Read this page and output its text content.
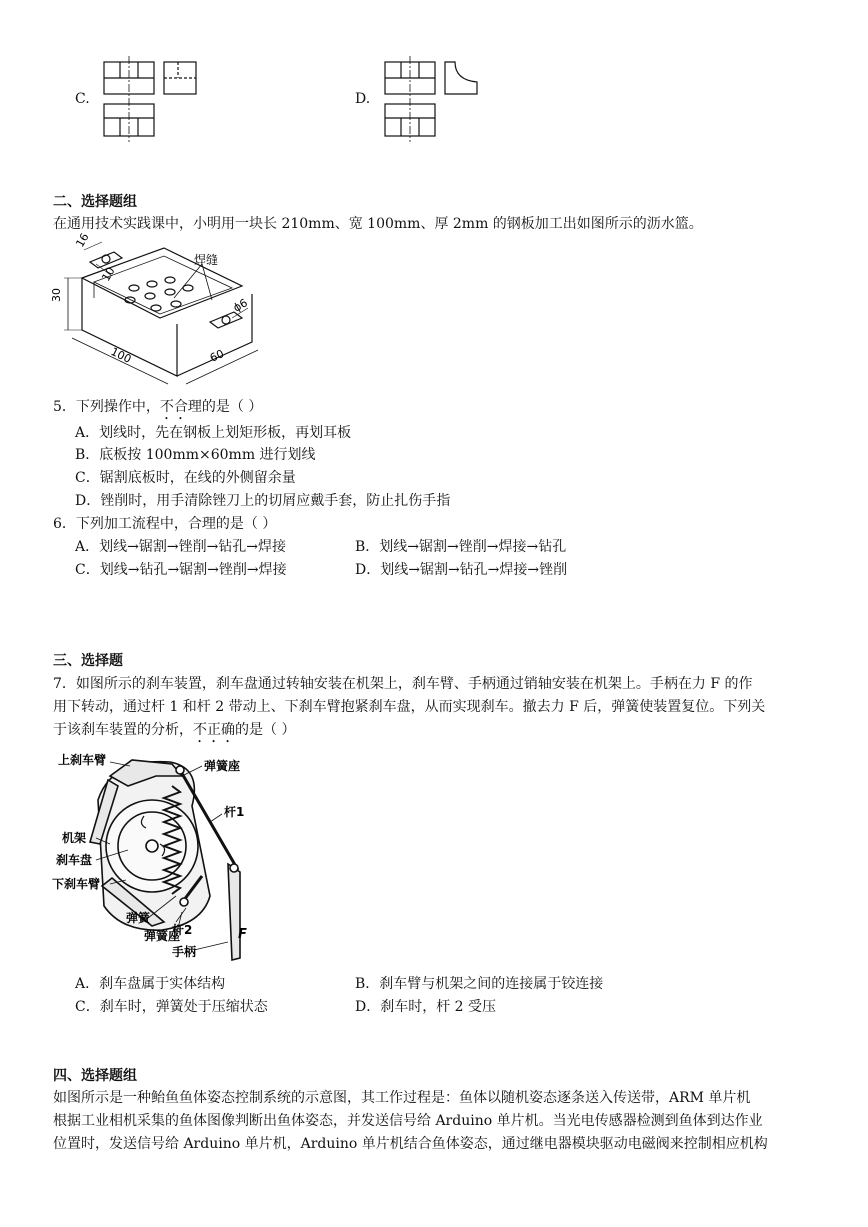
C.	D.
二、选择题组
在通用技术实践课中，小明用一块长 210mm、宽 100mm、厚 2mm 的钢板加工出如图所示的沥水篮。
16
10
30
100	60
ϕ6
焊缝
5．下列操作中，不合理的是（ ）
A．划线时，先在钢板上划矩形板，再划耳板
B．底板按 100mm×60mm 进行划线
C．锯割底板时，在线的外侧留余量
D．锉削时，用手清除锉刀上的切屑应戴手套，防止扎伤手指
6．下列加工流程中，合理的是（ ）
A．划线→锯割→锉削→钻孔→焊接	B．划线→锯割→锉削→焊接→钻孔
C．划线→钻孔→锯割→锉削→焊接	D．划线→锯割→钻孔→焊接→锉削
三、选择题
7．如图所示的刹车装置，刹车盘通过转轴安装在机架上，刹车臂、手柄通过销轴安装在机架上。手柄在力 F 的作
用下转动，通过杆 1 和杆 2 带动上、下刹车臂抱紧刹车盘，从而实现刹车。撤去力 F 后，弹簧使装置复位。下列关
于该刹车装置的分析，不正确的是（ ）
上刹车臂	弹簧座
杆1
机架
刹车盘
下刹车臂
弹簧
杆2
弹簧座
手柄
F
A．刹车盘属于实体结构	B．刹车臂与机架之间的连接属于铰连接
C．刹车时，弹簧处于压缩状态	D．刹车时，杆 2 受压
四、选择题组
如图所示是一种鲐鱼鱼体姿态控制系统的示意图，其工作过程是：鱼体以随机姿态逐条送入传送带，ARM 单片机
根据工业相机采集的鱼体图像判断出鱼体姿态，并发送信号给 Arduino 单片机。当光电传感器检测到鱼体到达作业
位置时，发送信号给 Arduino 单片机，Arduino 单片机结合鱼体姿态，通过继电器模块驱动电磁阀来控制相应机构
